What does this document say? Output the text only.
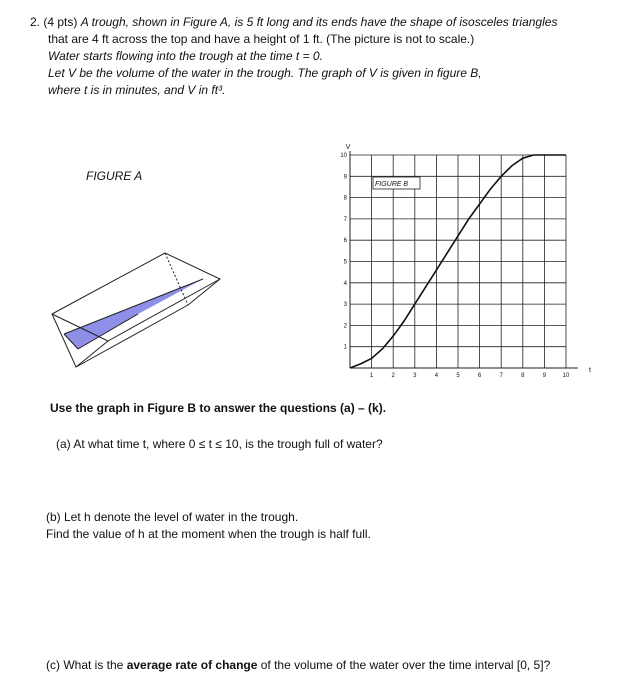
2. (4 pts) A trough, shown in Figure A, is 5 ft long and its ends have the shape of isosceles triangles
that are 4 ft across the top and have a height of 1 ft. (The picture is not to scale.)
Water starts flowing into the trough at the time t = 0.
Let V be the volume of the water in the trough. The graph of V is given in figure B,
where t is in minutes, and V in ft³.
FIGURE A
1	2	3	4	5	6	7	8	9	10
1
2
3
4
5
6
7
8
9
10
FIGURE B
V
t
Use the graph in Figure B to answer the questions (a) – (k).
(a) At what time t, where 0 ≤ t ≤ 10, is the trough full of water?
(b) Let h denote the level of water in the trough.
Find the value of h at the moment when the trough is half full.
(c) What is the average rate of change of the volume of the water over the time interval [0, 5]?
